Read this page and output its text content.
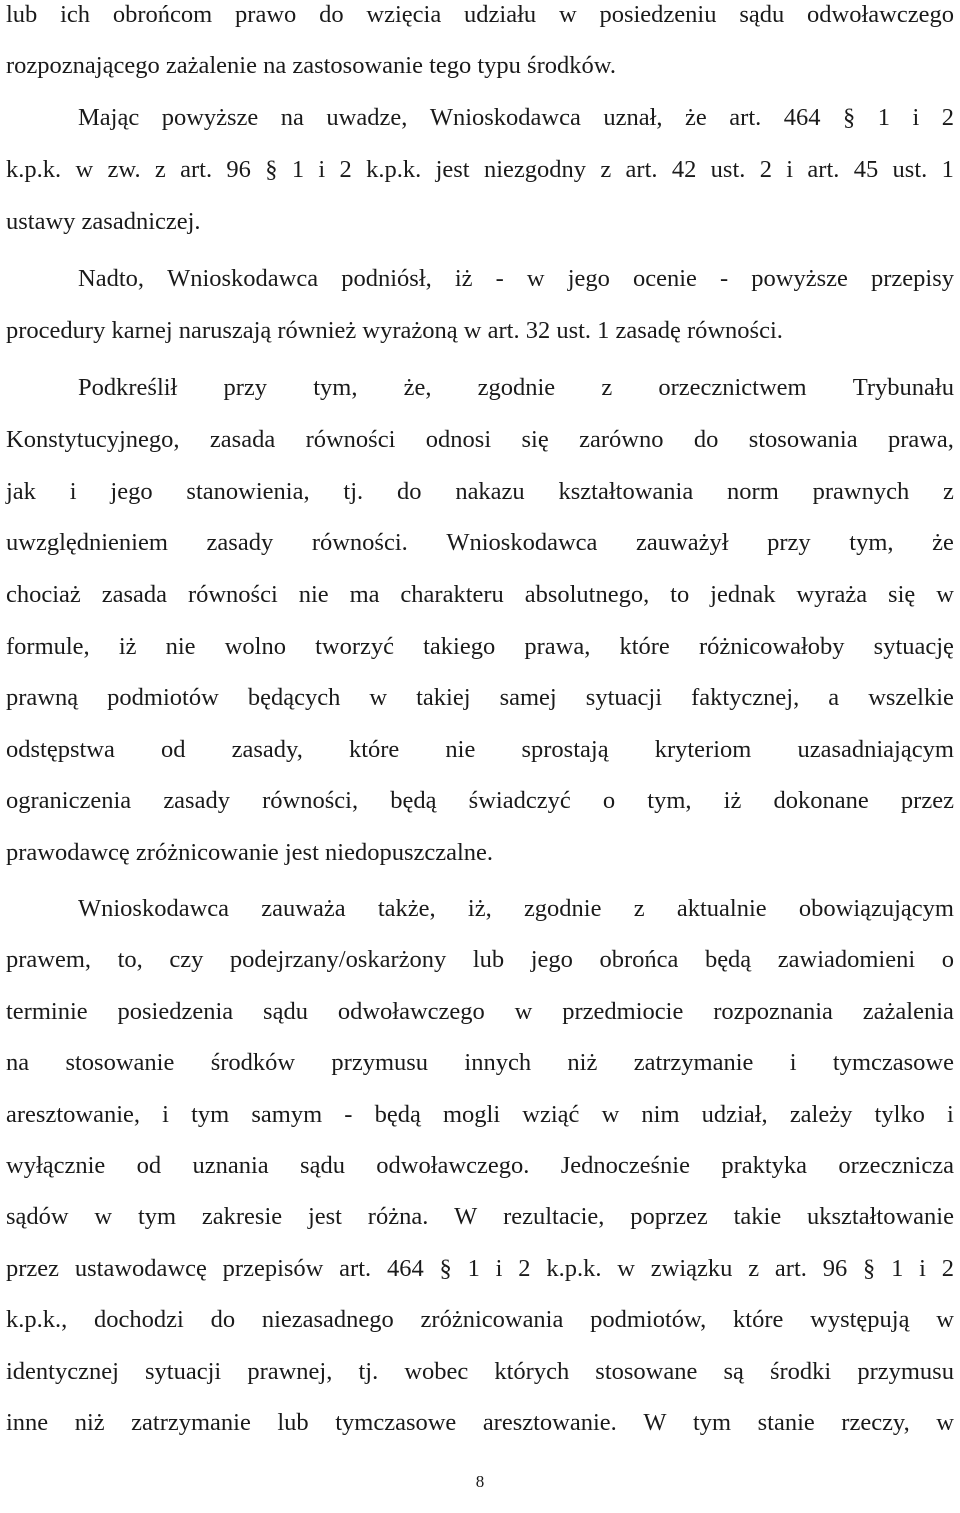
lub ich obrońcom prawo do wzięcia udziału w posiedzeniu sądu odwoławczego
rozpoznającego zażalenie na zastosowanie tego typu środków.
Mając powyższe na uwadze, Wnioskodawca uznał, że art. 464 § 1 i 2
k.p.k. w zw. z art. 96 § 1 i 2 k.p.k. jest niezgodny z art. 42 ust. 2 i art. 45 ust. 1
ustawy zasadniczej.
Nadto, Wnioskodawca podniósł, iż - w jego ocenie - powyższe przepisy
procedury karnej naruszają również wyrażoną w art. 32 ust. 1 zasadę równości.
Podkreślił przy tym, że, zgodnie z orzecznictwem Trybunału
Konstytucyjnego, zasada równości odnosi się zarówno do stosowania prawa,
jak i jego stanowienia, tj. do nakazu kształtowania norm prawnych z
uwzględnieniem zasady równości. Wnioskodawca zauważył przy tym, że
chociaż zasada równości nie ma charakteru absolutnego, to jednak wyraża się w
formule, iż nie wolno tworzyć takiego prawa, które różnicowałoby sytuację
prawną podmiotów będących w takiej samej sytuacji faktycznej, a wszelkie
odstępstwa od zasady, które nie sprostają kryteriom uzasadniającym
ograniczenia zasady równości, będą świadczyć o tym, iż dokonane przez
prawodawcę zróżnicowanie jest niedopuszczalne.
Wnioskodawca zauważa także, iż, zgodnie z aktualnie obowiązującym
prawem, to, czy podejrzany/oskarżony lub jego obrońca będą zawiadomieni o
terminie posiedzenia sądu odwoławczego w przedmiocie rozpoznania zażalenia
na stosowanie środków przymusu innych niż zatrzymanie i tymczasowe
aresztowanie, i tym samym - będą mogli wziąć w nim udział, zależy tylko i
wyłącznie od uznania sądu odwoławczego. Jednocześnie praktyka orzecznicza
sądów w tym zakresie jest różna. W rezultacie, poprzez takie ukształtowanie
przez ustawodawcę przepisów art. 464 § 1 i 2 k.p.k. w związku z art. 96 § 1 i 2
k.p.k., dochodzi do niezasadnego zróżnicowania podmiotów, które występują w
identycznej sytuacji prawnej, tj. wobec których stosowane są środki przymusu
inne niż zatrzymanie lub tymczasowe aresztowanie. W tym stanie rzeczy, w
8
